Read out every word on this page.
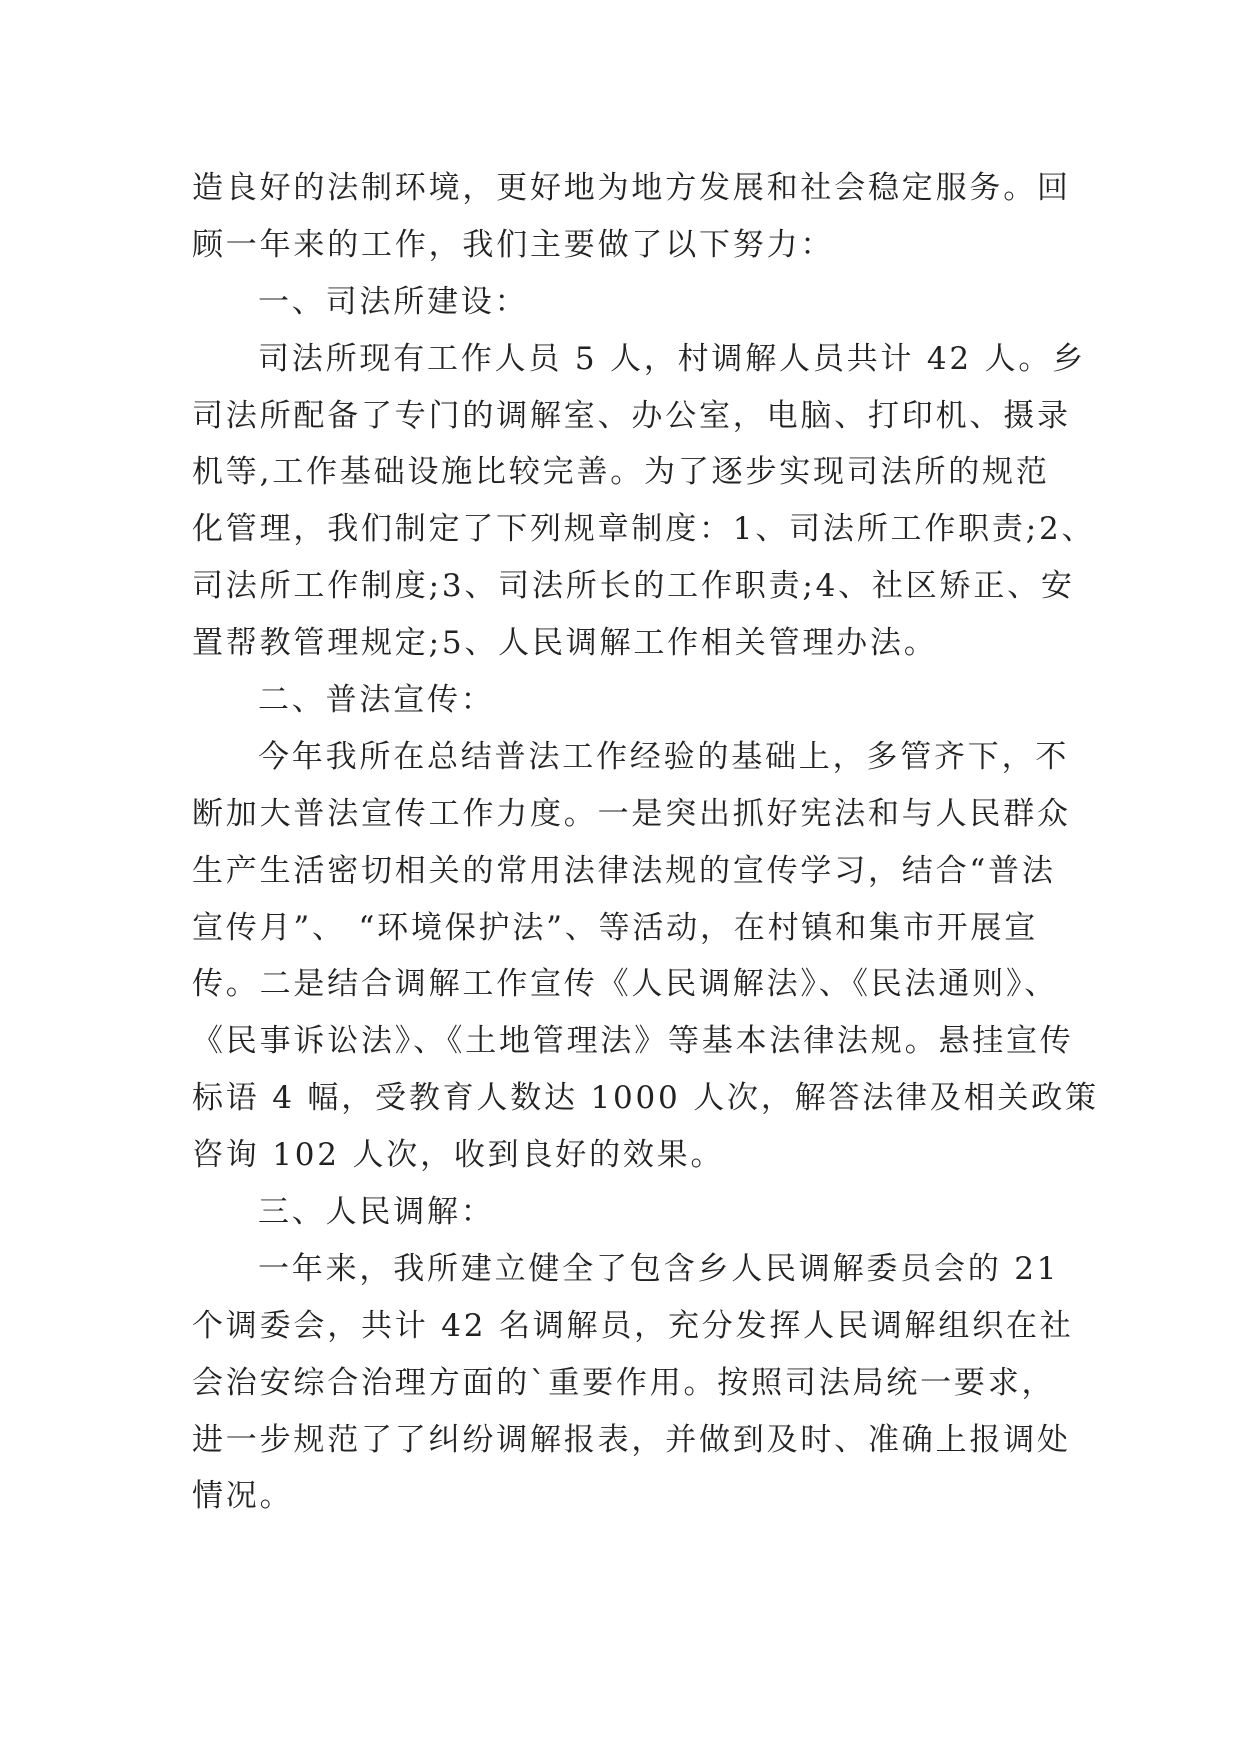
造良好的法制环境，更好地为地方发展和社会稳定服务。回
顾一年来的工作，我们主要做了以下努力：
一、司法所建设：
司法所现有工作人员 5 人，村调解人员共计 42 人。乡
司法所配备了专门的调解室、办公室，电脑、打印机、摄录
机等,工作基础设施比较完善。为了逐步实现司法所的规范
化管理，我们制定了下列规章制度：1、司法所工作职责;2、
司法所工作制度;3、司法所长的工作职责;4、社区矫正、安
置帮教管理规定;5、人民调解工作相关管理办法。
二、普法宣传：
今年我所在总结普法工作经验的基础上，多管齐下，不
断加大普法宣传工作力度。一是突出抓好宪法和与人民群众
生产生活密切相关的常用法律法规的宣传学习，结合“普法
宣传月”、 “环境保护法”、等活动，在村镇和集市开展宣
传。二是结合调解工作宣传《人民调解法》、《民法通则》、
《民事诉讼法》、《土地管理法》等基本法律法规。悬挂宣传
标语 4 幅，受教育人数达 1000 人次，解答法律及相关政策
咨询 102 人次，收到良好的效果。
三、人民调解：
一年来，我所建立健全了包含乡人民调解委员会的 21
个调委会，共计 42 名调解员，充分发挥人民调解组织在社
会治安综合治理方面的`重要作用。按照司法局统一要求，
进一步规范了了纠纷调解报表，并做到及时、准确上报调处
情况。
